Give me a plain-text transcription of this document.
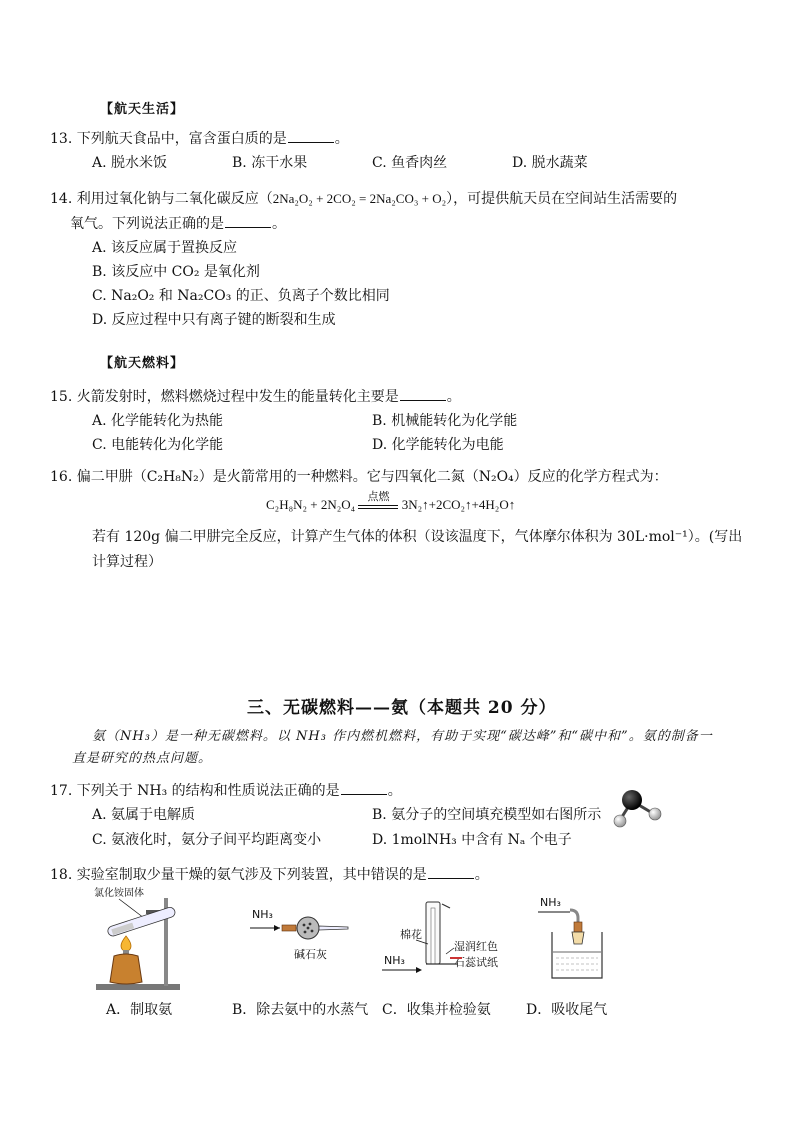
【航天生活】
13. 下列航天食品中，富含蛋白质的是	。
A. 脱水米饭	B. 冻干水果	C. 鱼香肉丝	D. 脱水蔬菜
14. 利用过氧化钠与二氧化碳反应（2Na₂O₂ + 2CO₂ = 2Na₂CO₃ + O₂），可提供航天员在空间站生活需要的
氧气。下列说法正确的是	。
A. 该反应属于置换反应
B. 该反应中 CO₂ 是氧化剂
C. Na₂O₂ 和 Na₂CO₃ 的正、负离子个数比相同
D. 反应过程中只有离子键的断裂和生成
【航天燃料】
15. 火箭发射时，燃料燃烧过程中发生的能量转化主要是	。
A. 化学能转化为热能	B. 机械能转化为化学能
C. 电能转化为化学能	D. 化学能转化为电能
16. 偏二甲肼（C₂H₈N₂）是火箭常用的一种燃料。它与四氧化二氮（N₂O₄）反应的化学方程式为：
C₂H₈N₂ + 2N₂O₄	点燃 3N₂↑+2CO₂↑+4H₂O↑
若有 120g 偏二甲肼完全反应，计算产生气体的体积（设该温度下，气体摩尔体积为 30L·mol⁻¹）。(写出
计算过程）
三、无碳燃料——氨（本题共 20 分）
氨（NH₃）是一种无碳燃料。以 NH₃ 作内燃机燃料，有助于实现“碳达峰”和“碳中和”。氨的制备一
直是研究的热点问题。
17. 下列关于 NH₃ 的结构和性质说法正确的是	。
A. 氨属于电解质	B. 氨分子的空间填充模型如右图所示
C. 氨液化时，氨分子间平均距离变小	D. 1molNH₃ 中含有 Nₐ 个电子
18. 实验室制取少量干燥的氨气涉及下列装置，其中错误的是	。
氯化铵固体
NH₃
碱石灰
棉花
湿润红色
石蕊试纸
NH₃
NH₃
A．制取氨	B．除去氨中的水蒸气 C．收集并检验氨	D．吸收尾气
